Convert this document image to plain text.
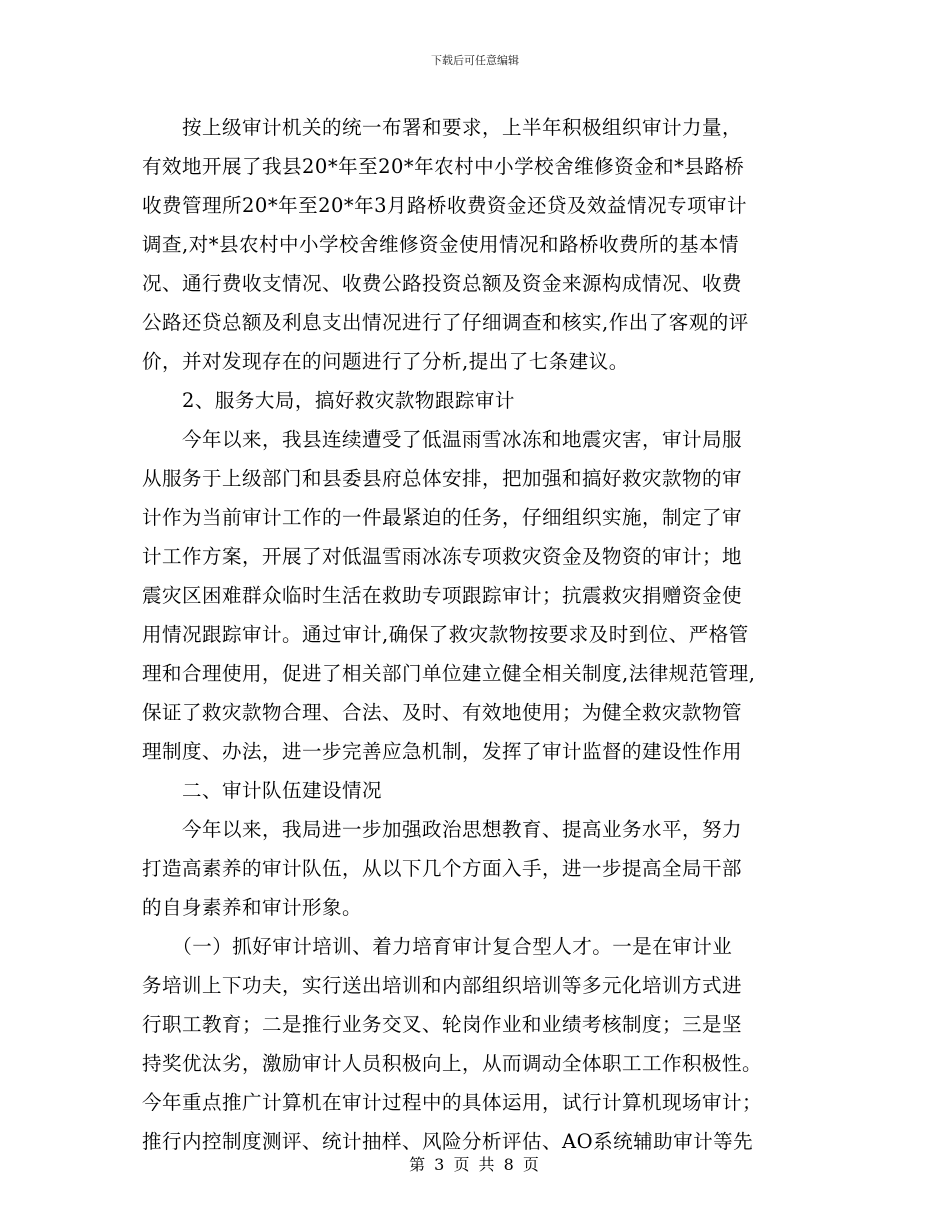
下载后可任意编辑
　　按上级审计机关的统一布署和要求，上半年积极组织审计力量，
有效地开展了我县20*年至20*年农村中小学校舍维修资金和*县路桥
收费管理所20*年至20*年3月路桥收费资金还贷及效益情况专项审计
调查,对*县农村中小学校舍维修资金使用情况和路桥收费所的基本情
况、通行费收支情况、收费公路投资总额及资金来源构成情况、收费
公路还贷总额及利息支出情况进行了仔细调查和核实,作出了客观的评
价，并对发现存在的问题进行了分析,提出了七条建议。
　　2、服务大局，搞好救灾款物跟踪审计
　　今年以来，我县连续遭受了低温雨雪冰冻和地震灾害，审计局服
从服务于上级部门和县委县府总体安排，把加强和搞好救灾款物的审
计作为当前审计工作的一件最紧迫的任务，仔细组织实施，制定了审
计工作方案，开展了对低温雪雨冰冻专项救灾资金及物资的审计；地
震灾区困难群众临时生活在救助专项跟踪审计；抗震救灾捐赠资金使
用情况跟踪审计。通过审计,确保了救灾款物按要求及时到位、严格管
理和合理使用，促进了相关部门单位建立健全相关制度,法律规范管理,
保证了救灾款物合理、合法、及时、有效地使用；为健全救灾款物管
理制度、办法，进一步完善应急机制，发挥了审计监督的建设性作用
　　二、审计队伍建设情况
　　今年以来，我局进一步加强政治思想教育、提高业务水平，努力
打造高素养的审计队伍，从以下几个方面入手，进一步提高全局干部
的自身素养和审计形象。
　　（一）抓好审计培训、着力培育审计复合型人才。一是在审计业
务培训上下功夫，实行送出培训和内部组织培训等多元化培训方式进
行职工教育；二是推行业务交叉、轮岗作业和业绩考核制度；三是坚
持奖优汰劣，激励审计人员积极向上，从而调动全体职工工作积极性。
今年重点推广计算机在审计过程中的具体运用，试行计算机现场审计；
推行内控制度测评、统计抽样、风险分析评估、AO系统辅助审计等先
第 3 页 共 8 页
